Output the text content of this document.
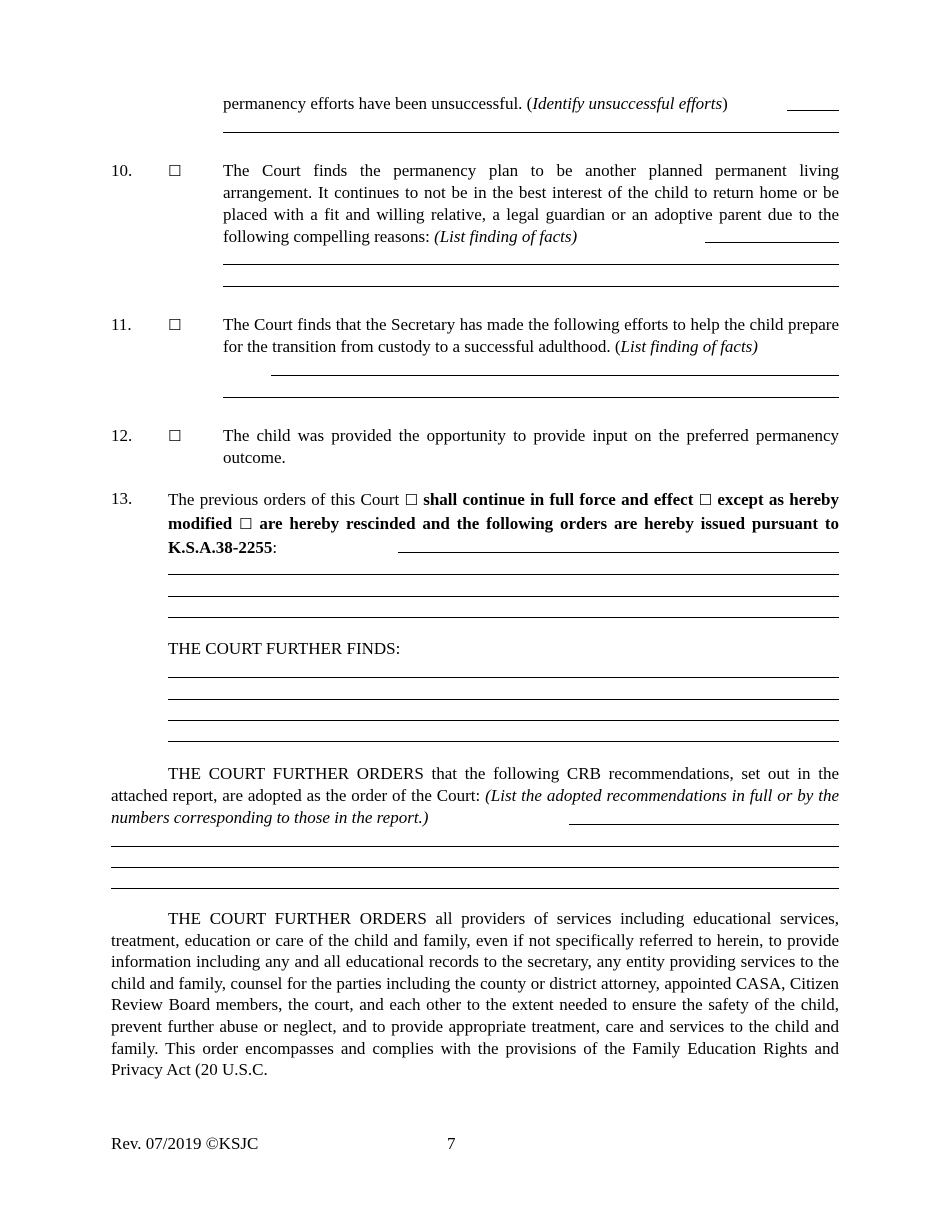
permanency efforts have been unsuccessful. (Identify unsuccessful efforts)
10. ☐ The Court finds the permanency plan to be another planned permanent living arrangement. It continues to not be in the best interest of the child to return home or be placed with a fit and willing relative, a legal guardian or an adoptive parent due to the following compelling reasons: (List finding of facts)
11. ☐ The Court finds that the Secretary has made the following efforts to help the child prepare for the transition from custody to a successful adulthood. (List finding of facts)
12. ☐ The child was provided the opportunity to provide input on the preferred permanency outcome.
13. The previous orders of this Court ☐ shall continue in full force and effect ☐ except as hereby modified ☐ are hereby rescinded and the following orders are hereby issued pursuant to K.S.A.38-2255:
THE COURT FURTHER FINDS:
THE COURT FURTHER ORDERS that the following CRB recommendations, set out in the attached report, are adopted as the order of the Court: (List the adopted recommendations in full or by the numbers corresponding to those in the report.)
THE COURT FURTHER ORDERS all providers of services including educational services, treatment, education or care of the child and family, even if not specifically referred to herein, to provide information including any and all educational records to the secretary, any entity providing services to the child and family, counsel for the parties including the county or district attorney, appointed CASA, Citizen Review Board members, the court, and each other to the extent needed to ensure the safety of the child, prevent further abuse or neglect, and to provide appropriate treatment, care and services to the child and family. This order encompasses and complies with the provisions of the Family Education Rights and Privacy Act (20 U.S.C.
Rev. 07/2019 ©KSJC	7
